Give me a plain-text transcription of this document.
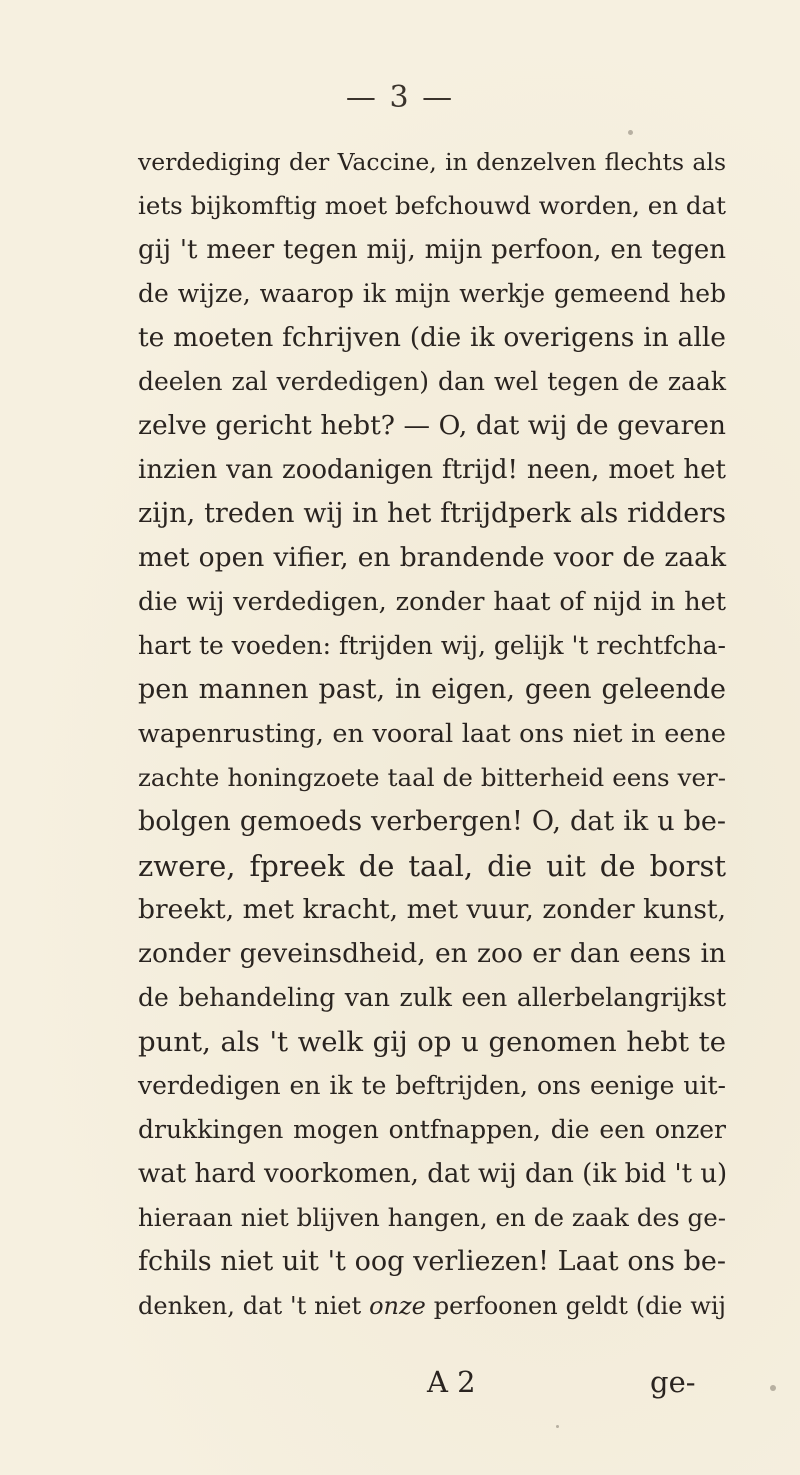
— 3 —
verdediging der Vaccine, in denzelven flechts als
iets bijkomftig moet befchouwd worden, en dat
gij 't meer tegen mij, mijn perfoon, en tegen
de wijze, waarop ik mijn werkje gemeend heb
te moeten fchrijven (die ik overigens in alle
deelen zal verdedigen) dan wel tegen de zaak
zelve gericht hebt? — O, dat wij de gevaren
inzien van zoodanigen ftrijd! neen, moet het
zijn, treden wij in het ftrijdperk als ridders
met open vifier, en brandende voor de zaak
die wij verdedigen, zonder haat of nijd in het
hart te voeden: ftrijden wij, gelijk 't rechtfcha-
pen mannen past, in eigen, geen geleende
wapenrusting, en vooral laat ons niet in eene
zachte honingzoete taal de bitterheid eens ver-
bolgen gemoeds verbergen! O, dat ik u be-
zwere, fpreek de taal, die uit de borst
breekt, met kracht, met vuur, zonder kunst,
zonder geveinsdheid, en zoo er dan eens in
de behandeling van zulk een allerbelangrijkst
punt, als 't welk gij op u genomen hebt te
verdedigen en ik te beftrijden, ons eenige uit-
drukkingen mogen ontfnappen, die een onzer
wat hard voorkomen, dat wij dan (ik bid 't u)
hieraan niet blijven hangen, en de zaak des ge-
fchils niet uit 't oog verliezen! Laat ons be-
denken, dat 't niet onze perfoonen geldt (die wij
A 2	ge-
